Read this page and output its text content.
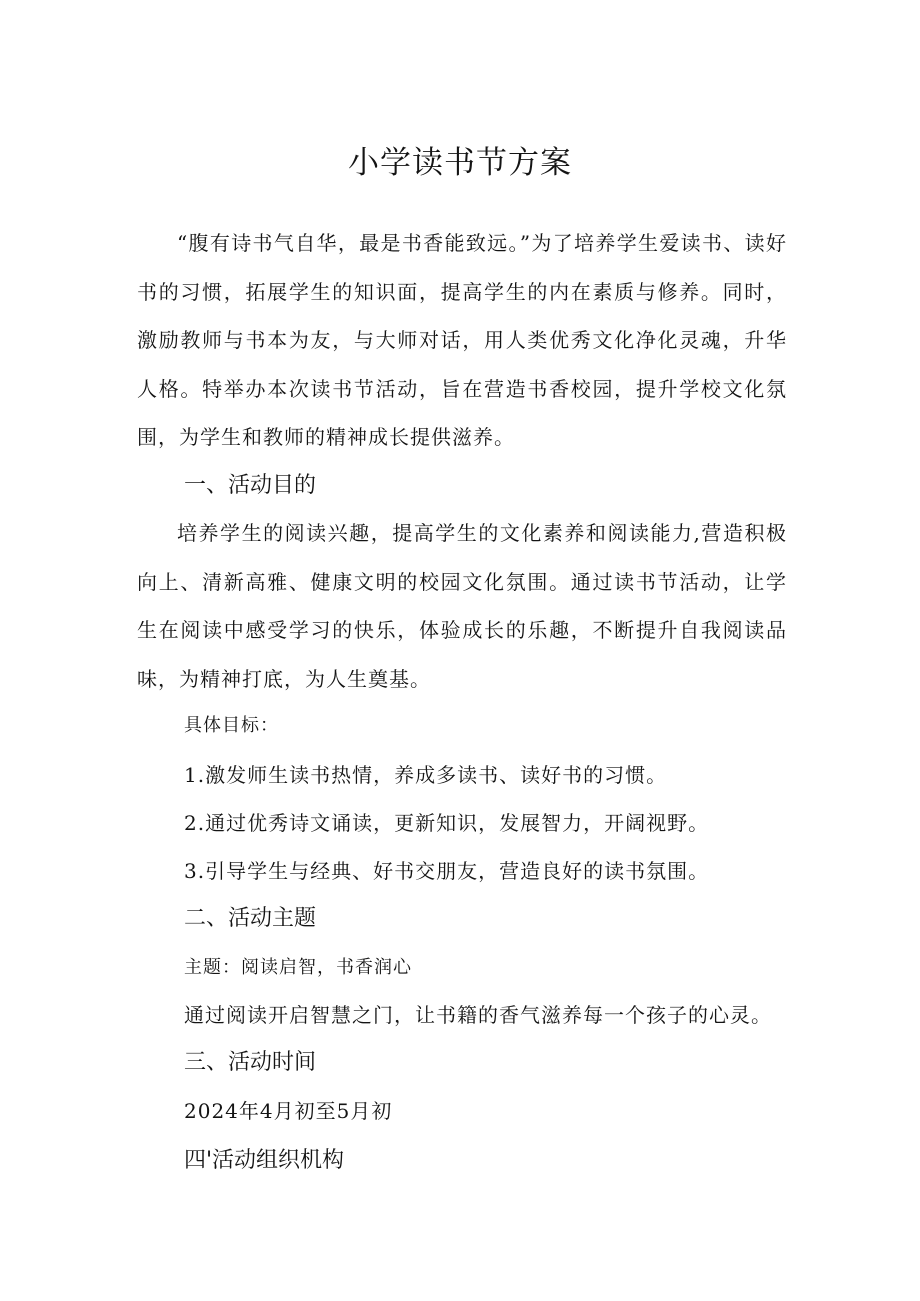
小学读书节方案

“腹有诗书气自华，最是书香能致远。”为了培养学生爱读书、读好书的习惯，拓展学生的知识面，提高学生的内在素质与修养。同时，激励教师与书本为友，与大师对话，用人类优秀文化净化灵魂，升华人格。特举办本次读书节活动，旨在营造书香校园，提升学校文化氛围，为学生和教师的精神成长提供滋养。

一、活动目的

培养学生的阅读兴趣，提高学生的文化素养和阅读能力,营造积极向上、清新高雅、健康文明的校园文化氛围。通过读书节活动，让学生在阅读中感受学习的快乐，体验成长的乐趣，不断提升自我阅读品味，为精神打底，为人生奠基。

具体目标：

1.激发师生读书热情，养成多读书、读好书的习惯。

2.通过优秀诗文诵读，更新知识，发展智力，开阔视野。

3.引导学生与经典、好书交朋友，营造良好的读书氛围。

二、活动主题

主题：阅读启智，书香润心

通过阅读开启智慧之门，让书籍的香气滋养每一个孩子的心灵。

三、活动时间

2024年4月初至5月初

四'活动组织机构
